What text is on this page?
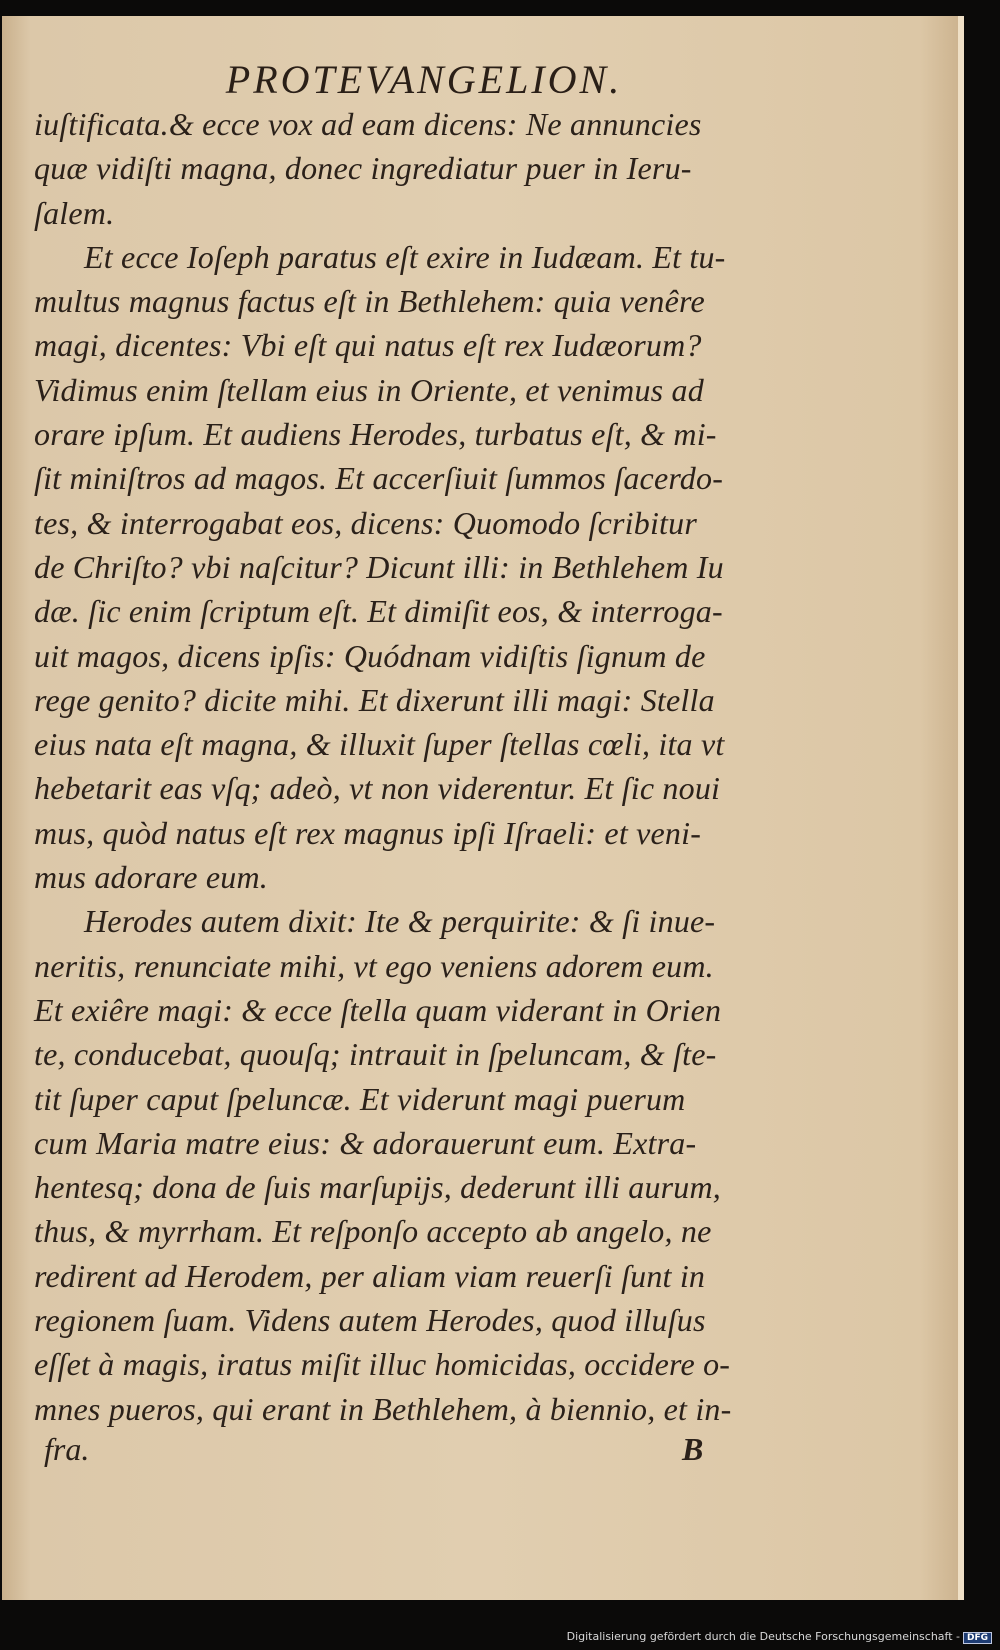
PROTEVANGELION.
iuſtificata.& ecce vox ad eam dicens: Ne annuncies
quæ vidiſti magna, donec ingrediatur puer in Ieru-
ſalem.
Et ecce Ioſeph paratus eſt exire in Iudæam. Et tu-
multus magnus factus eſt in Bethlehem: quia venêre
magi, dicentes: Vbi eſt qui natus eſt rex Iudæorum?
Vidimus enim ſtellam eius in Oriente, et venimus ad
orare ipſum. Et audiens Herodes, turbatus eſt, & mi-
ſit miniſtros ad magos. Et accerſiuit ſummos ſacerdo-
tes, & interrogabat eos, dicens: Quomodo ſcribitur
de Chriſto? vbi naſcitur? Dicunt illi: in Bethlehem Iu
dæ. ſic enim ſcriptum eſt. Et dimiſit eos, & interroga-
uit magos, dicens ipſis: Quódnam vidiſtis ſignum de
rege genito? dicite mihi. Et dixerunt illi magi: Stella
eius nata eſt magna, & illuxit ſuper ſtellas cœli, ita vt
hebetarit eas vſq; adeò, vt non viderentur. Et ſic noui
mus, quòd natus eſt rex magnus ipſi Iſraeli: et veni-
mus adorare eum.
Herodes autem dixit: Ite & perquirite: & ſi inue-
neritis, renunciate mihi, vt ego veniens adorem eum.
Et exiêre magi: & ecce ſtella quam viderant in Orien
te, conducebat, quouſq; intrauit in ſpeluncam, & ſte-
tit ſuper caput ſpeluncæ. Et viderunt magi puerum
cum Maria matre eius: & adorauerunt eum. Extra-
hentesq; dona de ſuis marſupijs, dederunt illi aurum,
thus, & myrrham. Et reſponſo accepto ab angelo, ne
redirent ad Herodem, per aliam viam reuerſi ſunt in
regionem ſuam. Videns autem Herodes, quod illuſus
eſſet à magis, iratus miſit illuc homicidas, occidere o-
mnes pueros, qui erant in Bethlehem, à biennio, et in-
fra.	B
Digitalisierung gefördert durch die Deutsche Forschungsgemeinschaft - DFG
